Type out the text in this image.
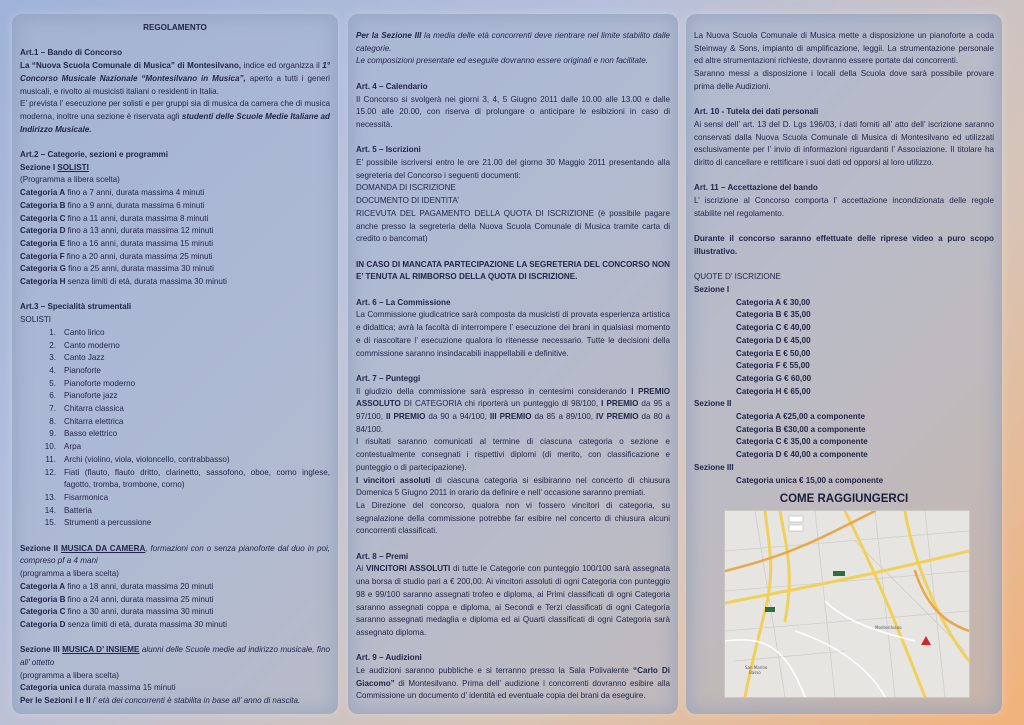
REGOLAMENTO
Art.1 – Bando di Concorso

La “Nuova Scuola Comunale di Musica” di Montesilvano, indice ed organizza il 1° Concorso Musicale Nazionale “Montesilvano in Musica”, aperto a tutti i generi musicali, e rivolto ai musicisti italiani o residenti in Italia.

E’ prevista l’ esecuzione per solisti e per gruppi sia di musica da camera che di musica moderna, inoltre una sezione è riservata agli studenti delle Scuole Medie Italiane ad Indirizzo Musicale.

Art.2 – Categorie, sezioni e programmi
Sezione I SOLISTI
(Programma a libera scelta)
Categoria A fino a 7 anni, durata massima 4 minuti
Categoria B fino a 9 anni, durata massima 6 minuti
Categoria C fino a 11 anni, durata massima 8 minuti
Categoria D fino a 13 anni, durata massima 12 minuti
Categoria E fino a 16 anni, durata massima 15 minuti
Categoria F fino a 20 anni, durata massima 25 minuti
Categoria G fino a 25 anni, durata massima 30 minuti
Categoria H senza limiti di età, durata massima 30 minuti
Art.3 – Specialità strumentali
SOLISTI
1. Canto lirico
2. Canto moderno
3. Canto Jazz
4. Pianoforte
5. Pianoforte moderno
6. Pianoforte jazz
7. Chitarra classica
8. Chitarra elettrica
9. Basso elettrico
10. Arpa
11. Archi (violino, viola, violoncello, contrabbasso)
12. Fiati (flauto, flauto dritto, clarinetto, sassofono, oboe, corno inglese, fagotto, tromba, trombone, corno)
13. Fisarmonica
14. Batteria
15. Strumenti a percussione

Sezione II MUSICA DA CAMERA, formazioni con o senza pianoforte dal duo in poi, compreso pf a 4 mani

(programma a libera scelta)
Categoria A fino a 18 anni, durata massima 20 minuti
Categoria B fino a 24 anni, durata massima 25 minuti
Categoria C fino a 30 anni, durata massima 30 minuti
Categoria D senza limiti di età, durata massima 30 minuti

Sezione III MUSICA D’ INSIEME alunni delle Scuole medie ad indirizzo musicale, fino all’ ottetto

(programma a libera scelta)
Categoria unica durata massima 15 minuti
Per le Sezioni I e II l’ età dei concorrenti è stabilita in base all’ anno di nascita.

Per la Sezione III la media delle età concorrenti deve rientrare nel limite stabilito dalle categorie.

Le composizioni presentate ed eseguite dovranno essere originali e non facilitate.

Art. 4 – Calendario

Il Concorso si svolgerà nei giorni 3, 4, 5 Giugno 2011 dalle 10.00 alle 13.00 e dalle 15.00 alle 20.00, con riserva di prolungare o anticipare le esibizioni in caso di necessità.

Art. 5 – Iscrizioni

E’ possibile iscriversi entro le ore 21.00 del giorno 30 Maggio 2011 presentando alla segreteria del Concorso i seguenti documenti:

DOMANDA DI ISCRIZIONE
DOCUMENTO DI IDENTITA’

RICEVUTA DEL PAGAMENTO DELLA QUOTA DI ISCRIZIONE (è possibile pagare anche presso la segreteria della Nuova Scuola Comunale di Musica tramite carta di credito o bancomat)

IN CASO DI MANCATA PARTECIPAZIONE LA SEGRETERIA DEL CONCORSO NON E’ TENUTA AL RIMBORSO DELLA QUOTA DI ISCRIZIONE.

Art. 6 – La Commissione

La Commissione giudicatrice sarà composta da musicisti di provata esperienza artistica e didattica; avrà la facoltà di interrompere l’ esecuzione dei brani in qualsiasi momento e di riascoltare l’ esecuzione qualora lo ritenesse necessario. Tutte le decisioni della commissione saranno insindacabili inappellabili e definitive.

Art. 7 – Punteggi

Il giudizio della commissione sarà espresso in centesimi considerando I PREMIO ASSOLUTO DI CATEGORIA chi riporterà un punteggio di 98/100, I PREMIO da 95 a 97/100, II PREMIO da 90 a 94/100, III PREMIO da 85 a 89/100, IV PREMIO da 80 a 84/100.

I risultati saranno comunicati al termine di ciascuna categoria o sezione e contestualmente consegnati i rispettivi diplomi (di merito, con classificazione e punteggio o di partecipazione).

I vincitori assoluti di ciascuna categoria si esibiranno nel concerto di chiusura Domenica 5 Giugno 2011 in orario da definire e nell’ occasione saranno premiati.

La Direzione del concorso, qualora non vi fossero vincitori di categoria, su segnalazione della commissione potrebbe far esibire nel concerto di chiusura alcuni concorrenti classificati.

Art. 8 – Premi

Ai VINCITORI ASSOLUTI di tutte le Categorie con punteggio 100/100 sarà assegnata una borsa di studio pari a € 200,00. Ai vincitori assoluti di ogni Categoria con punteggio 98 e 99/100 saranno assegnati trofeo e diploma, ai Primi classificati di ogni Categoria saranno assegnati coppa e diploma, ai Secondi e Terzi classificati di ogni Categoria saranno assegnati medaglia e diploma ed ai Quarti classificati di ogni Categoria sarà assegnato diploma.

Art. 9 – Audizioni

Le audizioni saranno pubbliche e si terranno presso la Sala Polivalente “Carlo Di Giacomo” di Montesilvano. Prima dell’ audizione i concorrenti dovranno esibire alla Commissione un documento d’ identità ed eventuale copia dei brani da eseguire.

La Nuova Scuola Comunale di Musica mette a disposizione un pianoforte a coda Steinway & Sons, impianto di amplificazione, leggii. La strumentazione personale ed altre strumentazioni richieste, dovranno essere portate dai concorrenti.

Saranno messi a disposizione i locali della Scuola dove sarà possibile provare prima delle Audizioni.

Art. 10 - Tutela dei dati personali

Ai sensi dell’ art. 13 del D. Lgs 196/03, i dati forniti all’ atto dell’ iscrizione saranno conservati dalla Nuova Scuola Comunale di Musica di Montesilvano ed utilizzati esclusivamente per l’ invio di informazioni riguardanti l’ Associazione. Il titolare ha diritto di cancellare e rettificare i suoi dati od opporsi al loro utilizzo.

Art. 11 – Accettazione del bando

L’ iscrizione al Concorso comporta l’ accettazione incondizionata delle regole stabilite nel regolamento.

Durante il concorso saranno effettuate delle riprese video a puro scopo illustrativo.

QUOTE D’ ISCRIZIONE
Sezione I
Categoria A € 30,00
Categoria B € 35,00
Categoria C € 40,00
Categoria D € 45,00
Categoria E € 50,00
Categoria F € 55,00
Categoria G € 60,00
Categoria H € 65,00
Sezione II
Categoria A €25,00 a componente
Categoria B €30,00 a componente
Categoria C € 35,00 a componente
Categoria D € 40,00 a componente
Sezione III
Categoria unica € 15,00 a componente
COME RAGGIUNGERCI
San Marino
Basso
Montesilvano
